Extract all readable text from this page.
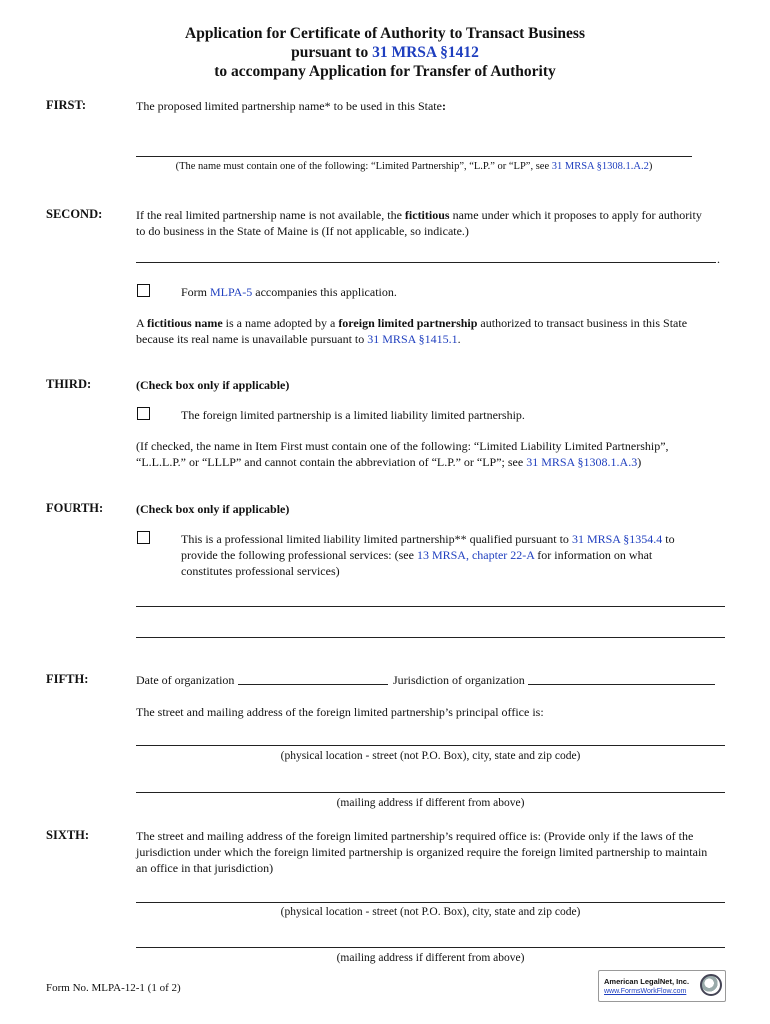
Application for Certificate of Authority to Transact Business
pursuant to 31 MRSA §1412
to accompany Application for Transfer of Authority
FIRST:	The proposed limited partnership name* to be used in this State:
(The name must contain one of the following: “Limited Partnership”, “L.P.” or “LP”, see 31 MRSA §1308.1.A.2)
SECOND:	If the real limited partnership name is not available, the fictitious name under which it proposes to apply for authority
to do business in the State of Maine is (If not applicable, so indicate.)
.
Form MLPA-5 accompanies this application.
A fictitious name is a name adopted by a foreign limited partnership authorized to transact business in this State
because its real name is unavailable pursuant to 31 MRSA §1415.1.
THIRD:	(Check box only if applicable)
The foreign limited partnership is a limited liability limited partnership.
(If checked, the name in Item First must contain one of the following: “Limited Liability Limited Partnership”,
“L.L.L.P.” or “LLLP” and cannot contain the abbreviation of “L.P.” or “LP”; see 31 MRSA §1308.1.A.3)
FOURTH:	(Check box only if applicable)
This is a professional limited liability limited partnership** qualified pursuant to 31 MRSA §1354.4 to
provide the following professional services: (see 13 MRSA, chapter 22-A for information on what
constitutes professional services)
FIFTH:	Date of organization	Jurisdiction of organization
The street and mailing address of the foreign limited partnership’s principal office is:
(physical location - street (not P.O. Box), city, state and zip code)
(mailing address if different from above)
SIXTH:	The street and mailing address of the foreign limited partnership’s required office is: (Provide only if the laws of the
jurisdiction under which the foreign limited partnership is organized require the foreign limited partnership to maintain
an office in that jurisdiction)
(physical location - street (not P.O. Box), city, state and zip code)
(mailing address if different from above)
Form No. MLPA-12-1 (1 of 2)
American LegalNet, Inc.
www.FormsWorkFlow.com
